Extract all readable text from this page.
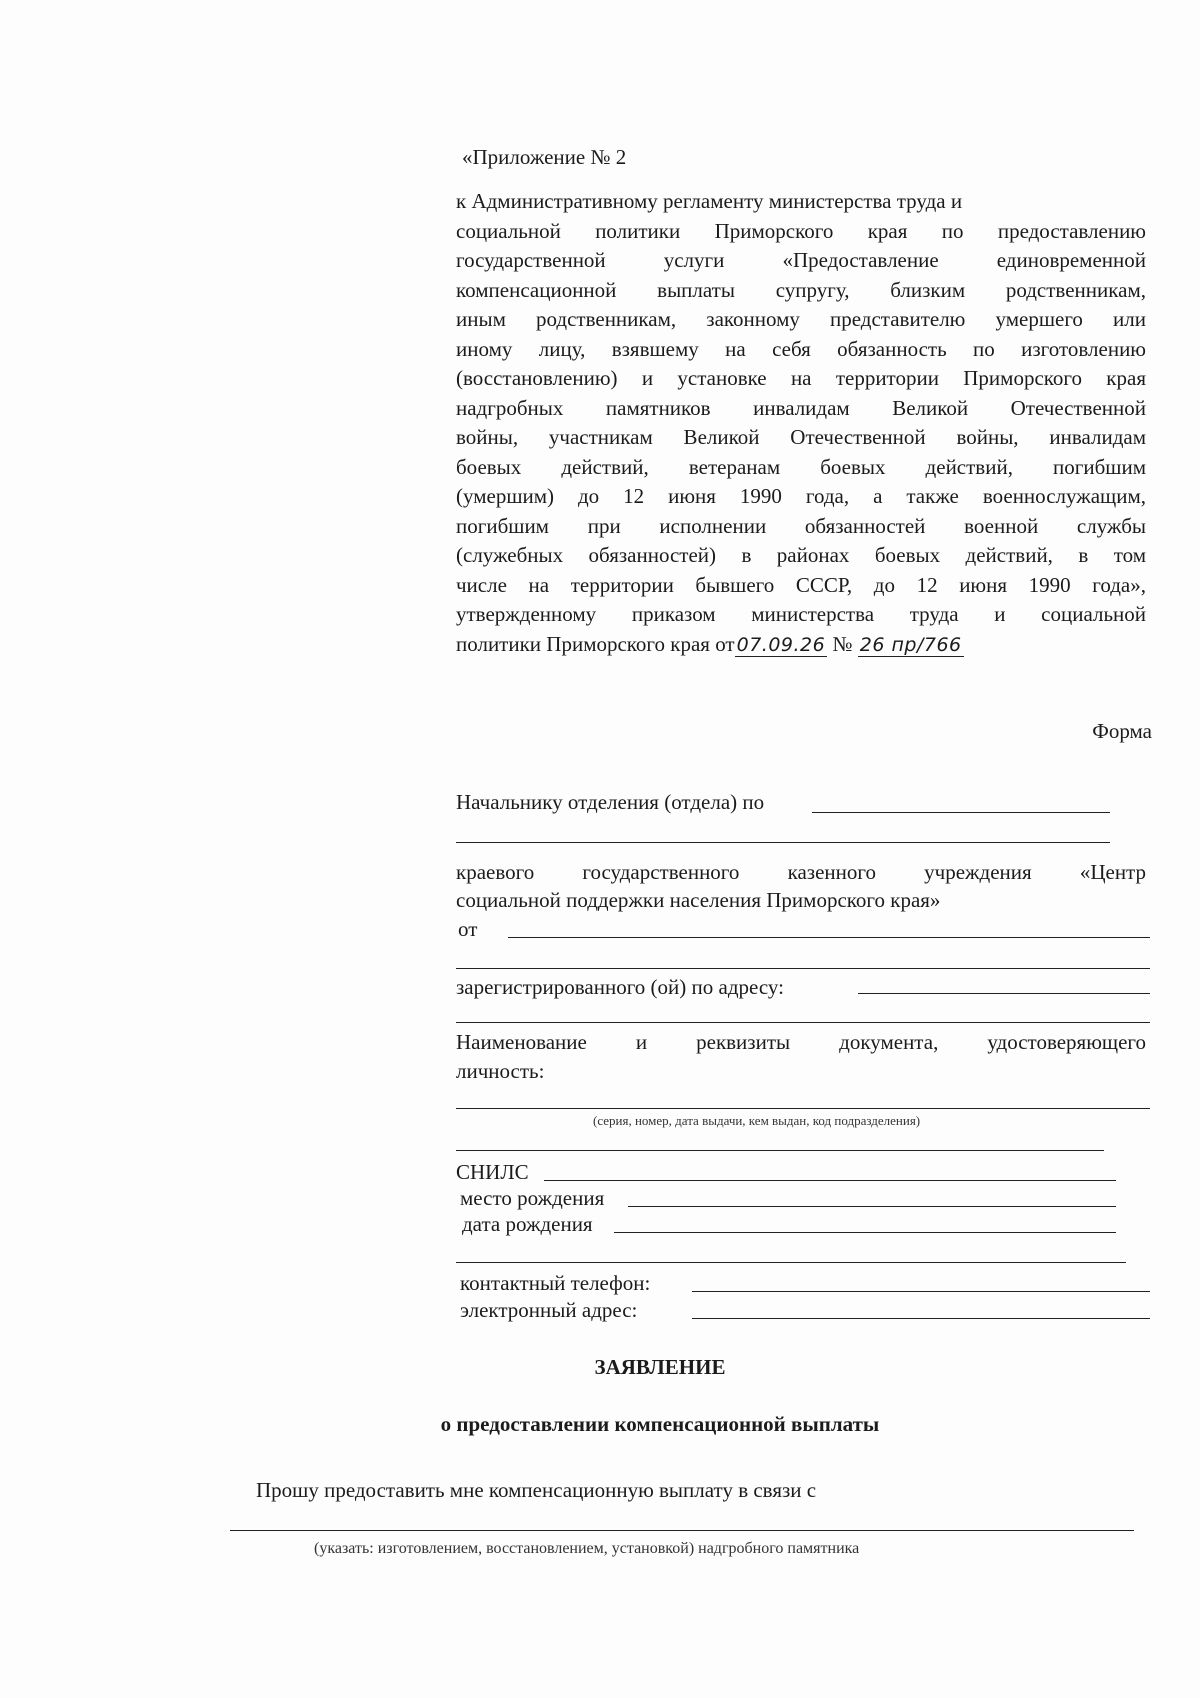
«Приложение № 2
к Административному регламенту министерства труда и
социальной политики Приморского края по предоставлению
государственной услуги «Предоставление единовременной
компенсационной выплаты супругу, близким родственникам,
иным родственникам, законному представителю умершего или
иному лицу, взявшему на себя обязанность по изготовлению
(восстановлению) и установке на территории Приморского края
надгробных памятников инвалидам Великой Отечественной
войны, участникам Великой Отечественной войны, инвалидам
боевых действий, ветеранам боевых действий, погибшим
(умершим) до 12 июня 1990 года, а также военнослужащим,
погибшим при исполнении обязанностей военной службы
(служебных обязанностей) в районах боевых действий, в том
числе на территории бывшего СССР, до 12 июня 1990 года»,
утвержденному приказом министерства труда и социальной
политики Приморского края от 07.09.26 № 26 пр/766
Форма
Начальнику отделения (отдела) по
краевого государственного казенного учреждения «Центр
социальной поддержки населения Приморского края»
от
зарегистрированного (ой) по адресу:
Наименование и реквизиты документа, удостоверяющего
личность:
(серия, номер, дата выдачи, кем выдан, код подразделения)
СНИЛС
место рождения
дата рождения
контактный телефон:
электронный адрес:
ЗАЯВЛЕНИЕ
о предоставлении компенсационной выплаты
Прошу предоставить мне компенсационную выплату в связи с
(указать: изготовлением, восстановлением, установкой) надгробного памятника
